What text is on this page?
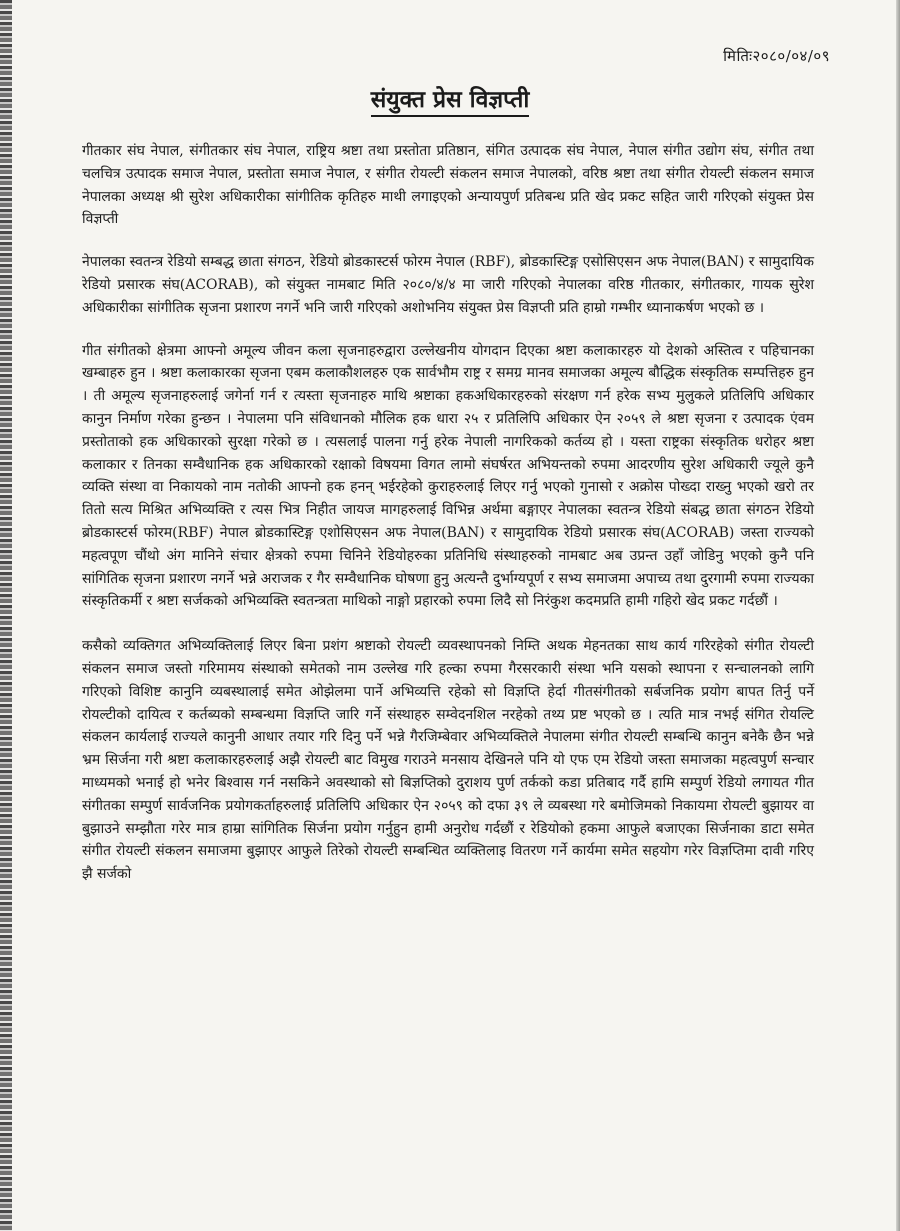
मितिः२०८०/०४/०९
संयुक्त प्रेस विज्ञप्ती

गीतकार संघ नेपाल, संगीतकार संघ नेपाल, राष्ट्रिय श्रष्टा तथा प्रस्तोता प्रतिष्ठान, संगित उत्पादक संघ नेपाल, नेपाल संगीत उद्योग संघ, संगीत तथा चलचित्र उत्पादक समाज नेपाल, प्रस्तोता समाज नेपाल, र संगीत रोयल्टी संकलन समाज नेपालको, वरिष्ठ श्रष्टा तथा संगीत रोयल्टी संकलन समाज नेपालका अध्यक्ष श्री सुरेश अधिकारीका सांगीतिक कृतिहरु माथी लगाइएको अन्यायपुर्ण प्रतिबन्ध प्रति खेद प्रकट सहित जारी गरिएको संयुक्त प्रेस विज्ञप्ती

नेपालका स्वतन्त्र रेडियो सम्बद्ध छाता संगठन, रेडियो ब्रोडकास्टर्स फोरम नेपाल (RBF), ब्रोडकास्टिङ्ग एसोसिएसन अफ नेपाल(BAN) र सामुदायिक रेडियो प्रसारक संघ(ACORAB), को संयुक्त नामबाट मिति २०८०/४/४ मा जारी गरिएको नेपालका वरिष्ठ गीतकार, संगीतकार, गायक सुरेश अधिकारीका सांगीतिक सृजना प्रशारण नगर्ने भनि जारी गरिएको अशोभनिय संयुक्त प्रेस विज्ञप्ती प्रति हाम्रो गम्भीर ध्यानाकर्षण भएको छ ।

गीत संगीतको क्षेत्रमा आफ्नो अमूल्य जीवन कला सृजनाहरुद्वारा उल्लेखनीय योगदान दिएका श्रष्टा कलाकारहरु यो देशको अस्तित्व र पहिचानका खम्बाहरु हुन । श्रष्टा कलाकारका सृजना एबम कलाकौशलहरु एक सार्वभौम राष्ट्र र समग्र मानव समाजका अमूल्य बौद्धिक संस्कृतिक सम्पत्तिहरु हुन । ती अमूल्य सृजनाहरुलाई जगेर्ना गर्न र त्यस्ता सृजनाहरु माथि श्रष्टाका हकअधिकारहरुको संरक्षण गर्न हरेक सभ्य मुलुकले प्रतिलिपि अधिकार कानुन निर्माण गरेका हुन्छन । नेपालमा पनि संविधानको मौलिक हक धारा २५ र प्रतिलिपि अधिकार ऐन २०५९ ले श्रष्टा सृजना र उत्पादक एंवम प्रस्तोताको हक अधिकारको सुरक्षा गरेको छ । त्यसलाई पालना गर्नु हरेक नेपाली नागरिकको कर्तव्य हो । यस्ता राष्ट्रका संस्कृतिक धरोहर श्रष्टा कलाकार र तिनका सम्वैधानिक हक अधिकारको रक्षाको विषयमा विगत लामो संघर्षरत अभियन्तको रुपमा आदरणीय सुरेश अधिकारी ज्यूले कुनै व्यक्ति संस्था वा निकायको नाम नतोकी आफ्नो हक हनन् भईरहेको कुराहरुलाई लिएर गर्नु भएको गुनासो र अक्रोस पोख्दा राख्नु भएको खरो तर तितो सत्य मिश्रित अभिव्यक्ति र त्यस भित्र निहीत जायज मागहरुलाई विभिन्न अर्थमा बङ्गाएर नेपालका स्वतन्त्र रेडियो संबद्ध छाता संगठन रेडियो ब्रोडकास्टर्स फोरम(RBF) नेपाल ब्रोडकास्टिङ्ग एशोसिएसन अफ नेपाल(BAN) र सामुदायिक रेडियो प्रसारक संघ(ACORAB) जस्ता राज्यको महत्वपूण चौंथो अंग मानिने संचार क्षेत्रको रुपमा चिनिने रेडियोहरुका प्रतिनिधि संस्थाहरुको नामबाट अब उप्रन्त उहाँ जोडिनु भएको कुनै पनि सांगितिक सृजना प्रशारण नगर्ने भन्ने अराजक र गैर सम्वैधानिक घोषणा हुनु अत्यन्तै दुर्भाग्यपूर्ण र सभ्य समाजमा अपाच्य तथा दुरगामी रुपमा राज्यका संस्कृतिकर्मी र श्रष्टा सर्जकको अभिव्यक्ति स्वतन्त्रता माथिको नाङ्गो प्रहारको रुपमा लिदै सो निरंकुश कदमप्रति हामी गहिरो खेद प्रकट गर्दछौं ।

कसैको व्यक्तिगत अभिव्यक्तिलाई लिएर बिना प्रशंग श्रष्टाको रोयल्टी व्यवस्थापनको निम्ति अथक मेहनतका साथ कार्य गरिरहेको संगीत रोयल्टी संकलन समाज जस्तो गरिमामय संस्थाको समेतको नाम उल्लेख गरि हल्का रुपमा गैरसरकारी संस्था भनि यसको स्थापना र सन्चालनको लागि गरिएको विशिष्ट कानुनि व्यबस्थालाई समेत ओझेलमा पार्ने अभिव्यत्ति रहेको सो विज्ञप्ति हेर्दा गीतसंगीतको सर्बजनिक प्रयोग बापत तिर्नु पर्ने रोयल्टीको दायित्व र कर्तब्यको सम्बन्धमा विज्ञप्ति जारि गर्ने संस्थाहरु सम्वेदनशिल नरहेको तथ्य प्रष्ट भएको छ । त्यति मात्र नभई संगित रोयल्टि संकलन कार्यलाई राज्यले कानुनी आधार तयार गरि दिनु पर्ने भन्ने गैरजिम्बेवार अभिव्यक्तिले नेपालमा संगीत रोयल्टी सम्बन्धि कानुन बनेकै छैन भन्ने भ्रम सिर्जना गरी श्रष्टा कलाकारहरुलाई अझै रोयल्टी बाट विमुख गराउने मनसाय देखिनले पनि यो एफ एम रेडियो जस्ता समाजका महत्वपुर्ण सन्चार माध्यमको भनाई हो भनेर बिश्वास गर्न नसकिने अवस्थाको सो बिज्ञप्तिको दुराशय पुर्ण तर्कको कडा प्रतिबाद गर्दै हामि सम्पुर्ण रेडियो लगायत गीत संगीतका सम्पुर्ण सार्वजनिक प्रयोगकर्ताहरुलाई प्रतिलिपि अधिकार ऐन २०५९ को दफा ३९ ले व्यबस्था गरे बमोजिमको निकायमा रोयल्टी बुझायर वा बुझाउने सम्झौता गरेर मात्र हाम्रा सांगितिक सिर्जना प्रयोग गर्नुहुन हामी अनुरोध गर्दछौं र रेडियोको हकमा आफुले बजाएका सिर्जनाका डाटा समेत संगीत रोयल्टी संकलन समाजमा बुझाएर आफुले तिरेको रोयल्टी सम्बन्धित व्यक्तिलाइ वितरण गर्ने कार्यमा समेत सहयोग गरेर विज्ञप्तिमा दावी गरिए झै सर्जको
